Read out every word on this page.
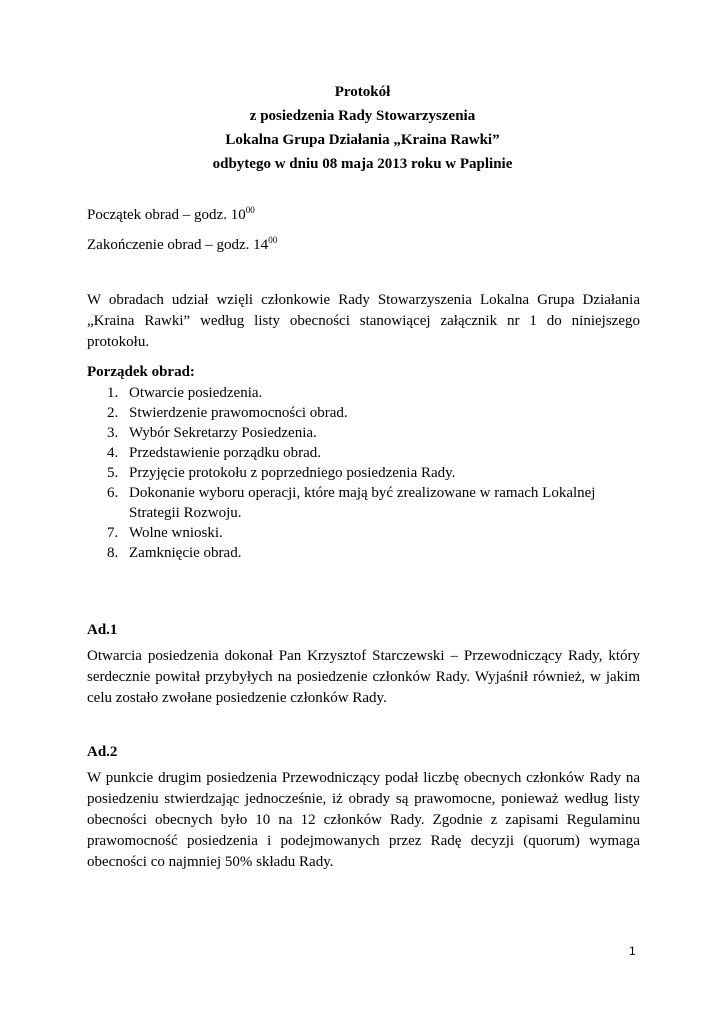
Protokół
z posiedzenia Rady Stowarzyszenia
Lokalna Grupa Działania „Kraina Rawki”
odbytego w dniu 08 maja 2013 roku w Paplinie
Początek obrad – godz. $10^{00}$
Zakończenie obrad – godz. $14^{00}$
W obradach udział wzięli członkowie Rady Stowarzyszenia Lokalna Grupa Działania „Kraina Rawki” według listy obecności stanowiącej załącznik nr 1 do niniejszego protokołu.
Porządek obrad:
1. Otwarcie posiedzenia.
2. Stwierdzenie prawomocności obrad.
3. Wybór Sekretarzy Posiedzenia.
4. Przedstawienie porządku obrad.
5. Przyjęcie protokołu z poprzedniego posiedzenia Rady.
6. Dokonanie wyboru operacji, które mają być zrealizowane w ramach Lokalnej Strategii Rozwoju.
7. Wolne wnioski.
8. Zamknięcie obrad.
Ad.1
Otwarcia posiedzenia dokonał Pan Krzysztof Starczewski – Przewodniczący Rady, który serdecznie powitał przybyłych na posiedzenie członków Rady. Wyjaśnił również, w jakim celu zostało zwołane posiedzenie członków Rady.
Ad.2
W punkcie drugim posiedzenia Przewodniczący podał liczbę obecnych członków Rady na posiedzeniu stwierdzając jednocześnie, iż obrady są prawomocne, ponieważ według listy obecności obecnych było 10 na 12 członków Rady. Zgodnie z zapisami Regulaminu prawomocność posiedzenia i podejmowanych przez Radę decyzji (quorum) wymaga obecności co najmniej 50% składu Rady.
1
